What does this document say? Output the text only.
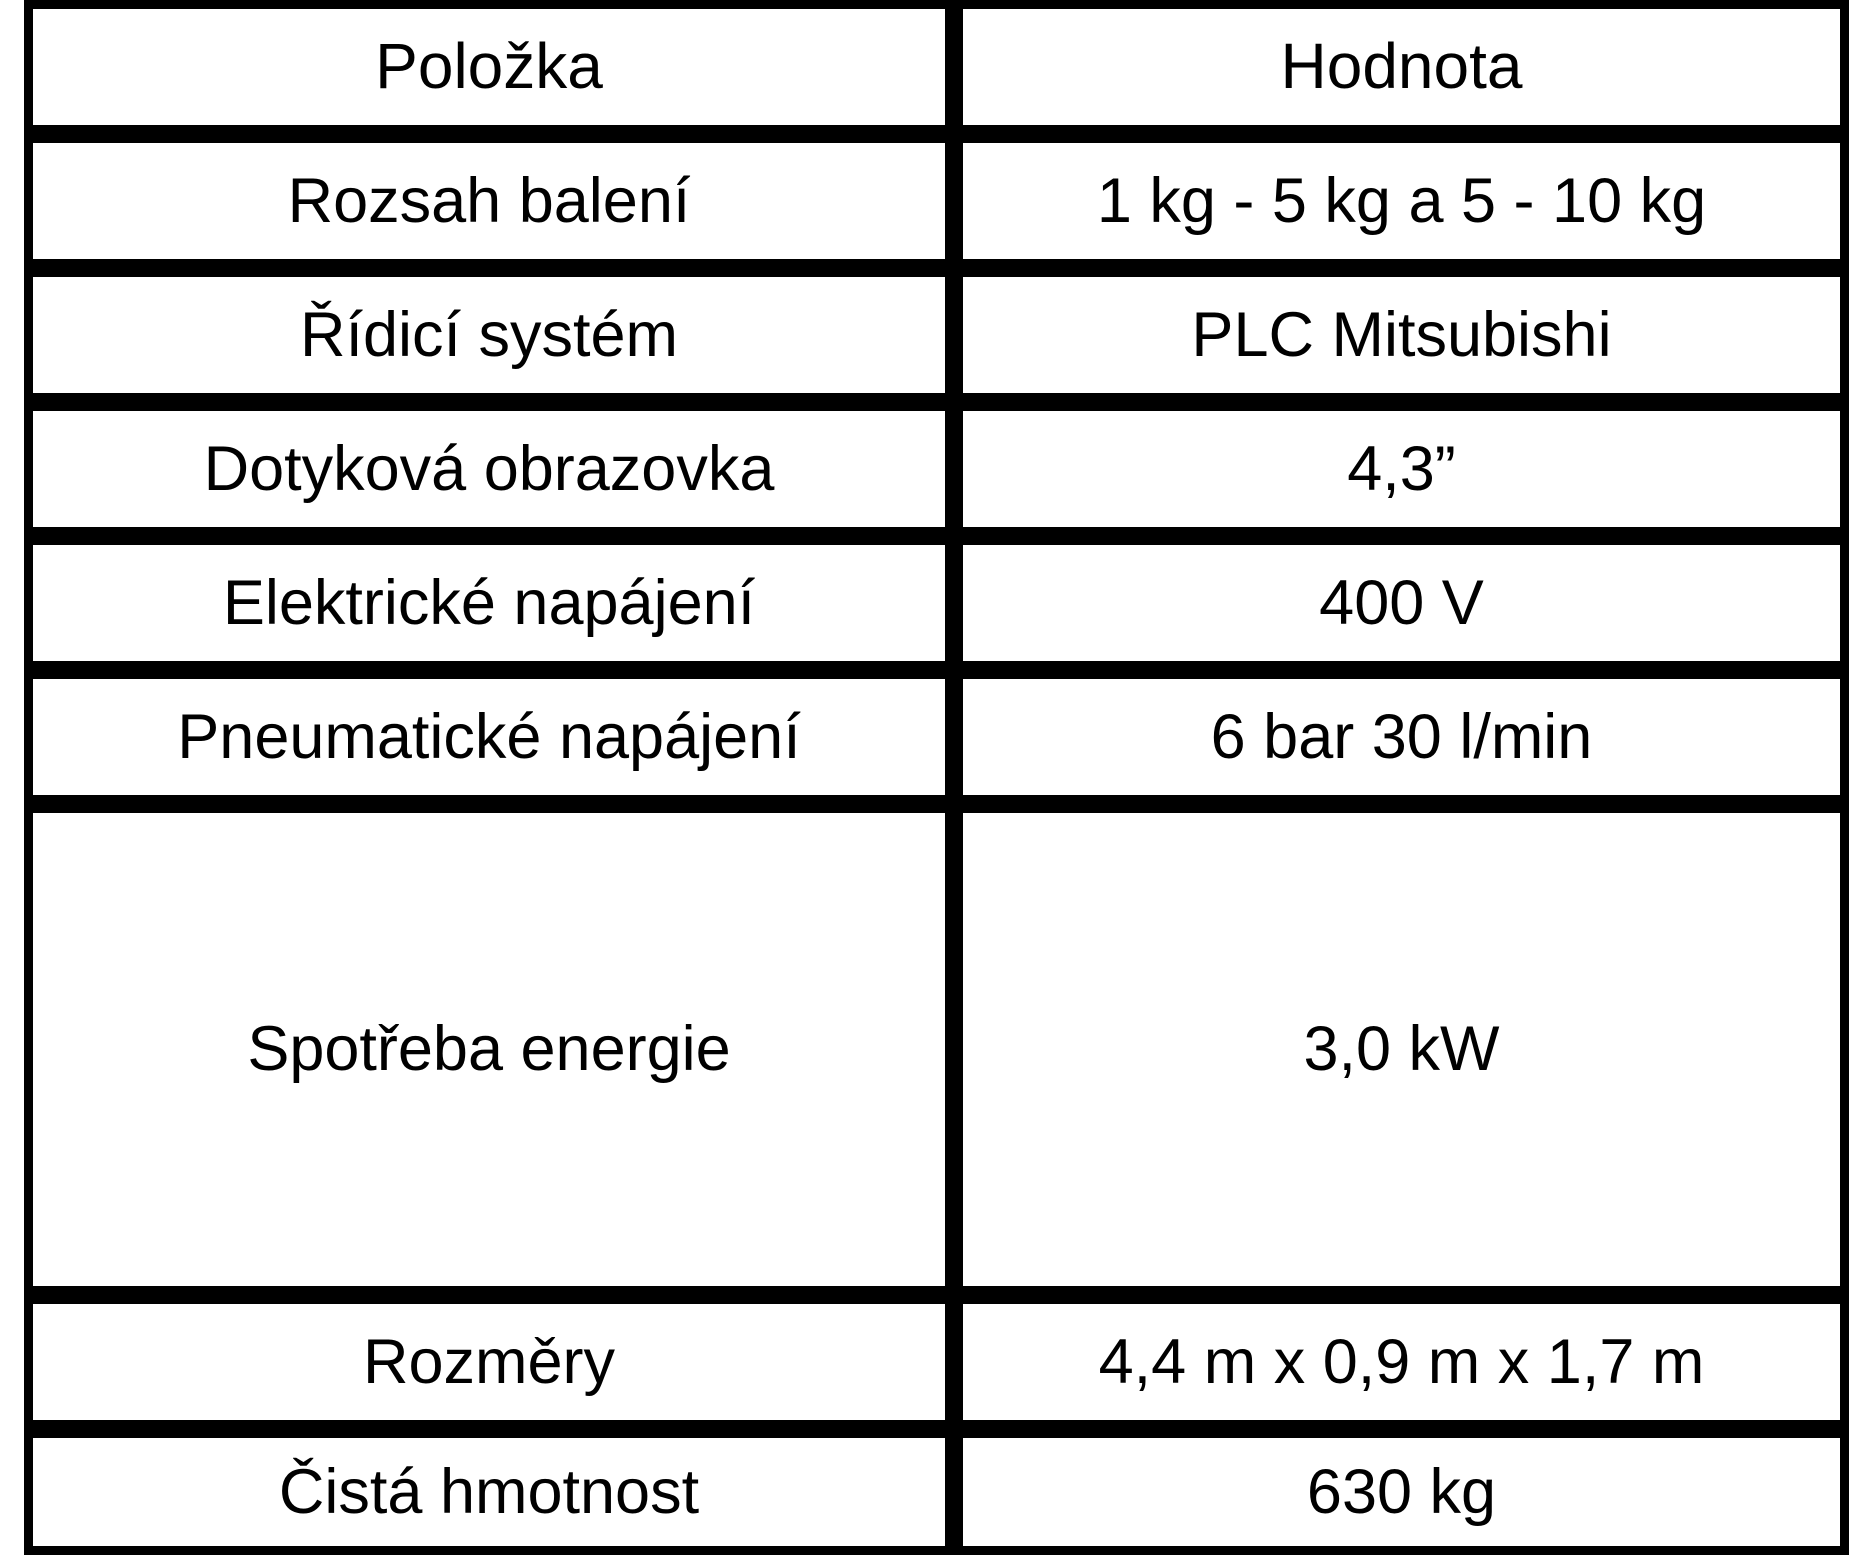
Položka	Hodnota

Rozsah balení	1 kg - 5 kg a 5 - 10 kg

Řídicí systém	PLC Mitsubishi

Dotyková obrazovka	4,3”

Elektrické napájení	400 V

Pneumatické napájení	6 bar 30 l/min

Spotřeba energie	3,0 kW

Rozměry	4,4 m x 0,9 m x 1,7 m

Čistá hmotnost	630 kg
